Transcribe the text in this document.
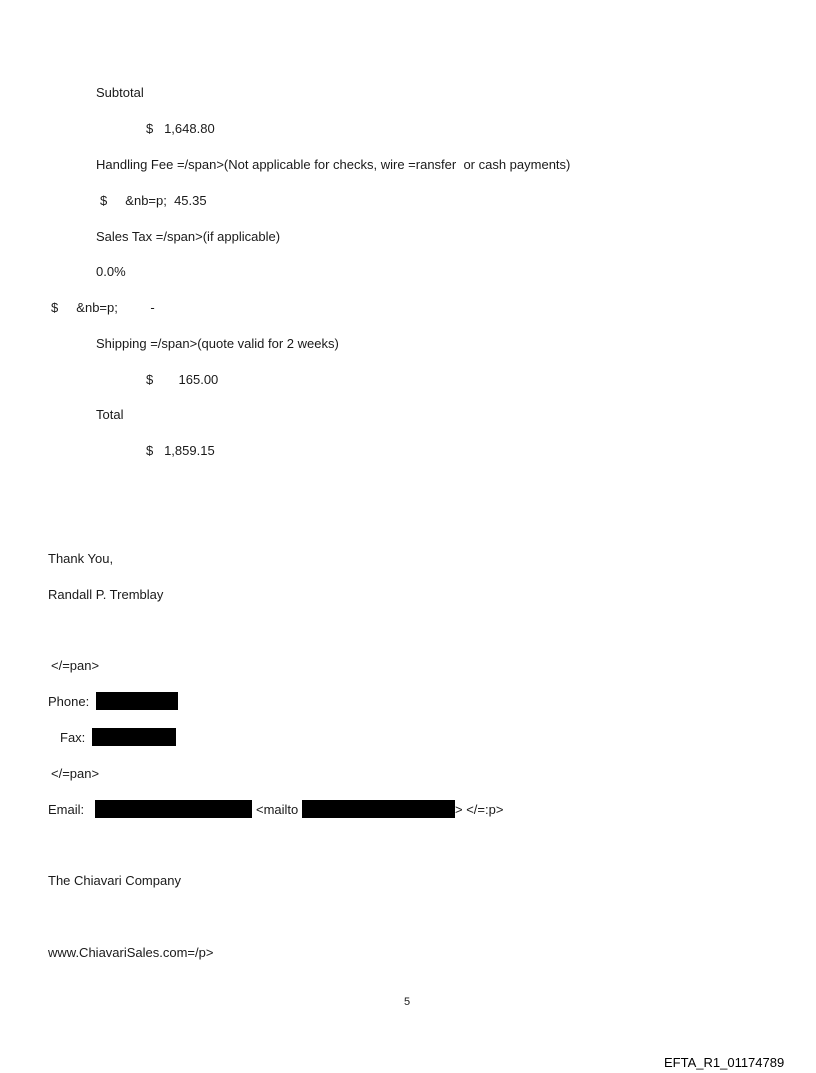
Subtotal
$   1,648.80
Handling Fee =/span>(Not applicable for checks, wire =ransfer  or cash payments)
$     &nb=p;  45.35
Sales Tax =/span>(if applicable)
0.0%
$     &nb=p;         -
Shipping =/span>(quote valid for 2 weeks)
$       165.00
Total
$   1,859.15
Thank You,
Randall P. Tremblay
</=pan>
Phone:
Fax:
</=pan>
Email:	<mailto	> </=:p>
The Chiavari Company
www.ChiavariSales.com=/p>
5
EFTA_R1_01174789
